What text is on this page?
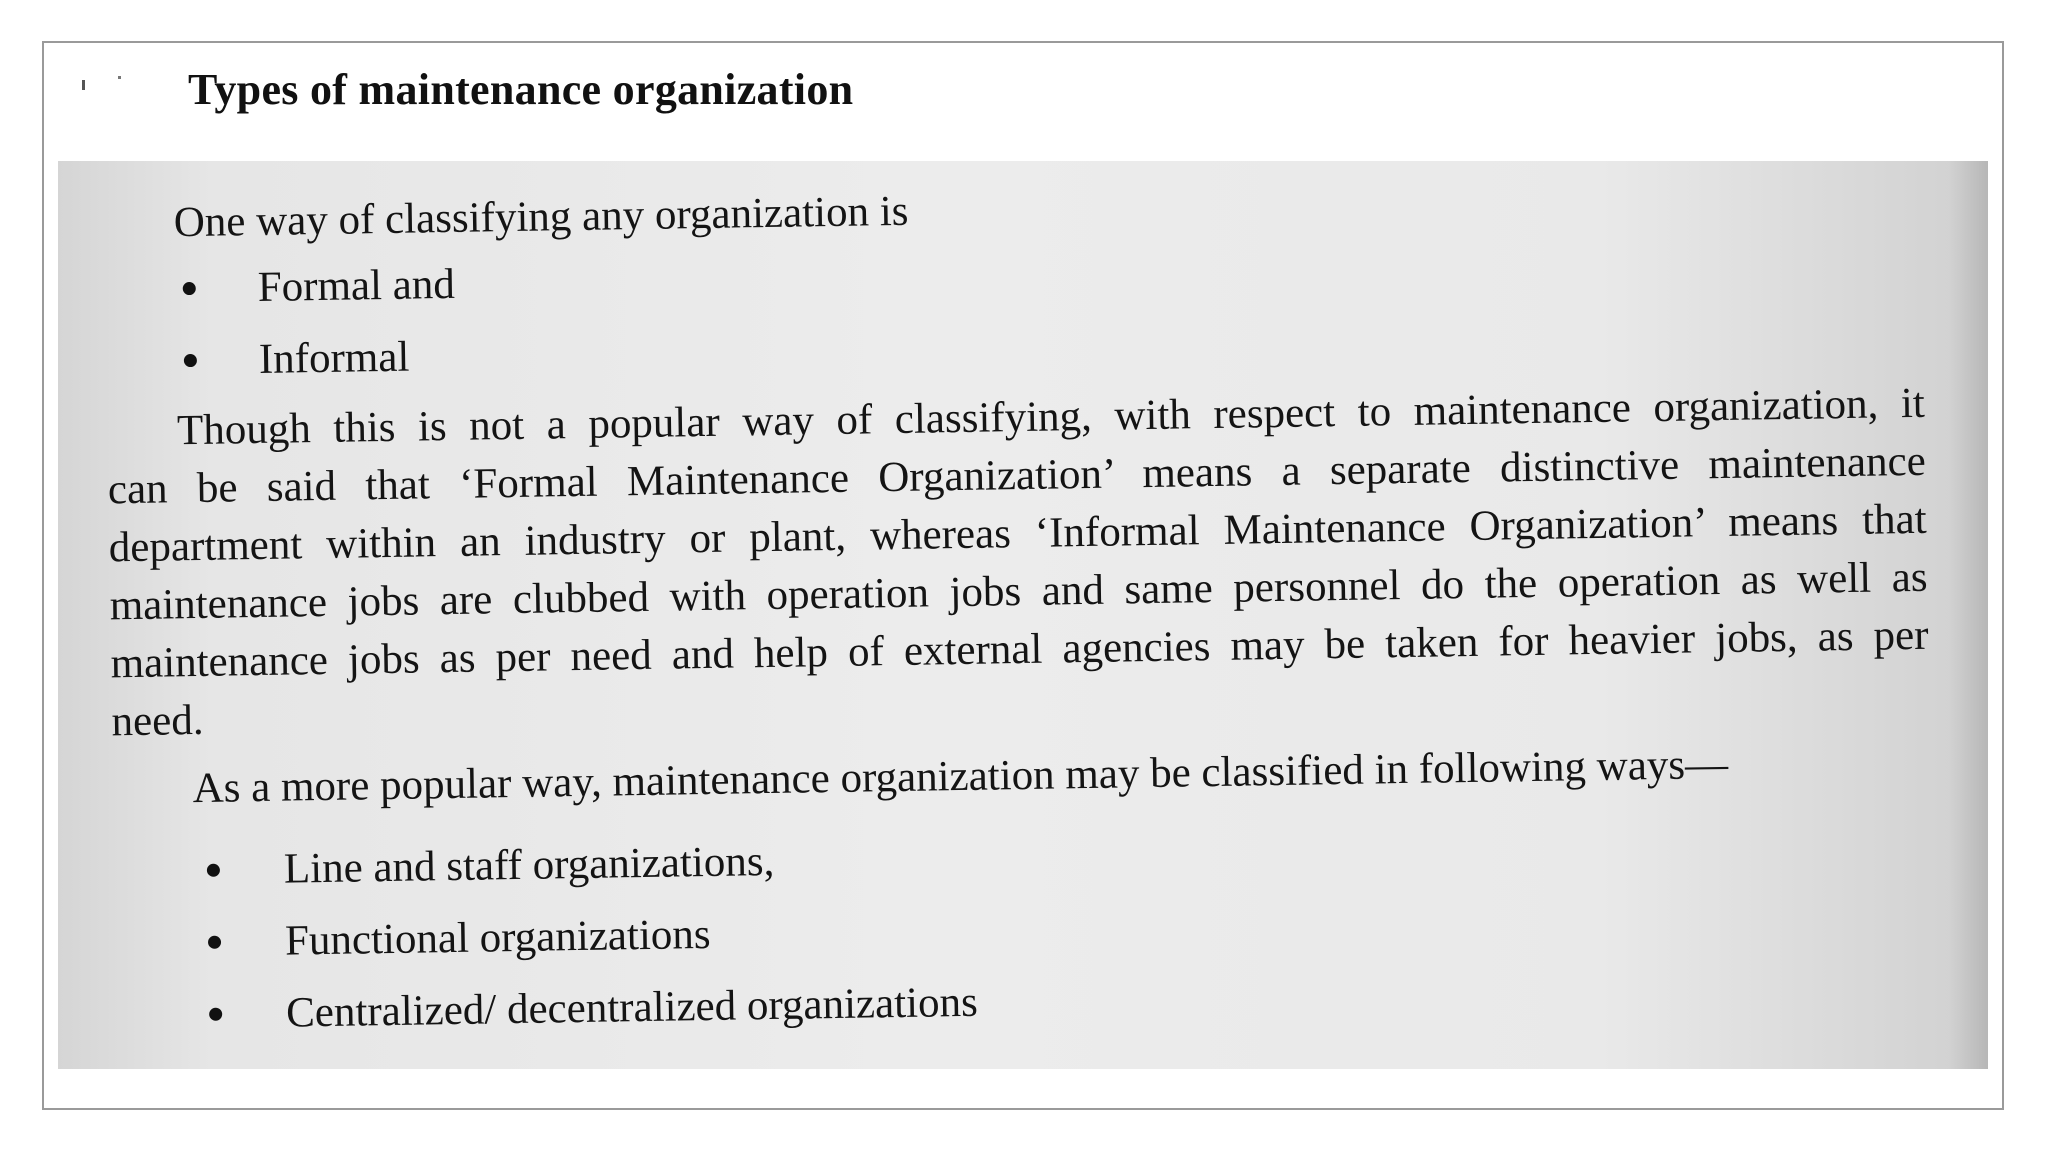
Types of maintenance organization
One way of classifying any organization is
Formal and
Informal
Though this is not a popular way of classifying, with respect to maintenance organization, it
can be said that ‘Formal Maintenance Organization’ means a separate distinctive maintenance
department within an industry or plant, whereas ‘Informal Maintenance Organization’ means that
maintenance jobs are clubbed with operation jobs and same personnel do the operation as well as
maintenance jobs as per need and help of external agencies may be taken for heavier jobs, as per
need.
As a more popular way, maintenance organization may be classified in following ways—
Line and staff organizations,
Functional organizations
Centralized/ decentralized organizations
